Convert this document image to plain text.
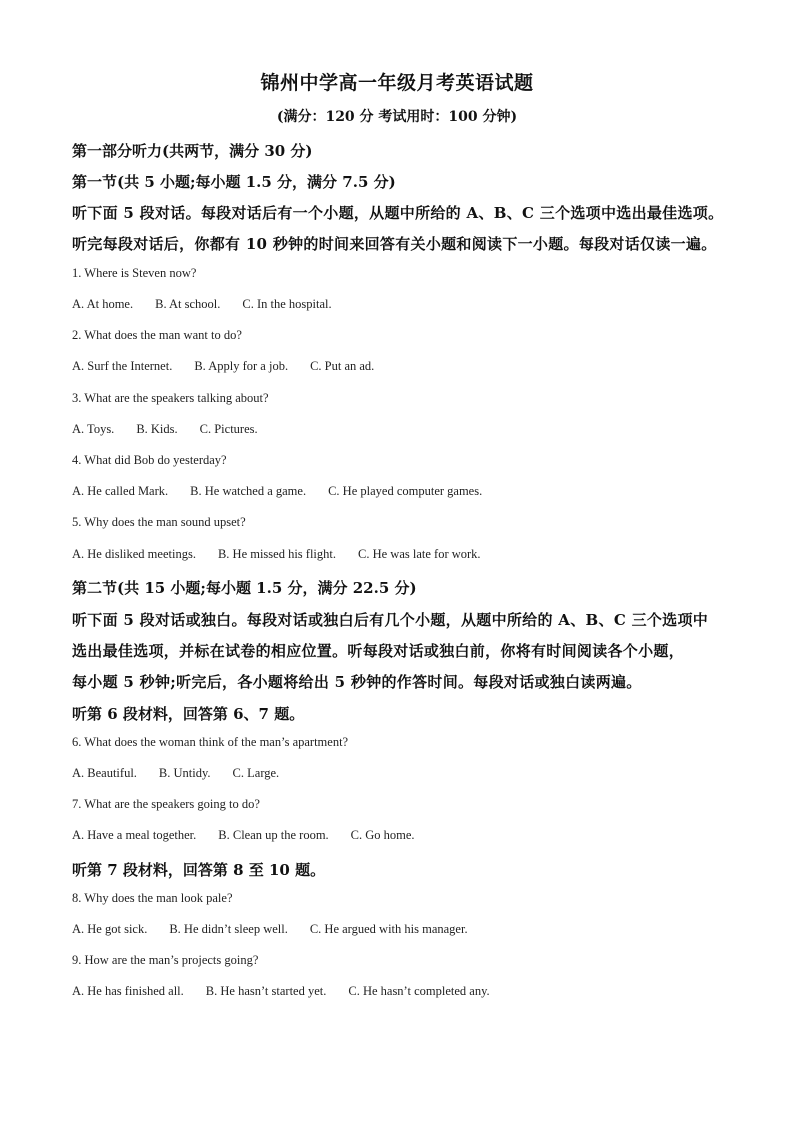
锦州中学高一年级月考英语试题
(满分：120 分 考试用时：100 分钟)
第一部分听力(共两节，满分 30 分)
第一节(共 5 小题;每小题 1.5 分，满分 7.5 分)
听下面 5 段对话。每段对话后有一个小题，从题中所给的 A、B、C 三个选项中选出最佳选项。
听完每段对话后，你都有 10 秒钟的时间来回答有关小题和阅读下一小题。每段对话仅读一遍。
1. Where is Steven now?
A. At home. B. At school. C. In the hospital.
2. What does the man want to do?
A. Surf the Internet. B. Apply for a job. C. Put an ad.
3. What are the speakers talking about?
A. Toys. B. Kids. C. Pictures.
4. What did Bob do yesterday?
A. He called Mark. B. He watched a game. C. He played computer games.
5. Why does the man sound upset?
A. He disliked meetings. B. He missed his flight. C. He was late for work.
第二节(共 15 小题;每小题 1.5 分，满分 22.5 分)
听下面 5 段对话或独白。每段对话或独白后有几个小题，从题中所给的 A、B、C 三个选项中
选出最佳选项，并标在试卷的相应位置。听每段对话或独白前，你将有时间阅读各个小题，
每小题 5 秒钟;听完后，各小题将给出 5 秒钟的作答时间。每段对话或独白读两遍。
听第 6 段材料，回答第 6、7 题。
6. What does the woman think of the man’s apartment?
A. Beautiful. B. Untidy. C. Large.
7. What are the speakers going to do?
A. Have a meal together. B. Clean up the room. C. Go home.
听第 7 段材料，回答第 8 至 10 题。
8. Why does the man look pale?
A. He got sick. B. He didn’t sleep well. C. He argued with his manager.
9. How are the man’s projects going?
A. He has finished all. B. He hasn’t started yet. C. He hasn’t completed any.
